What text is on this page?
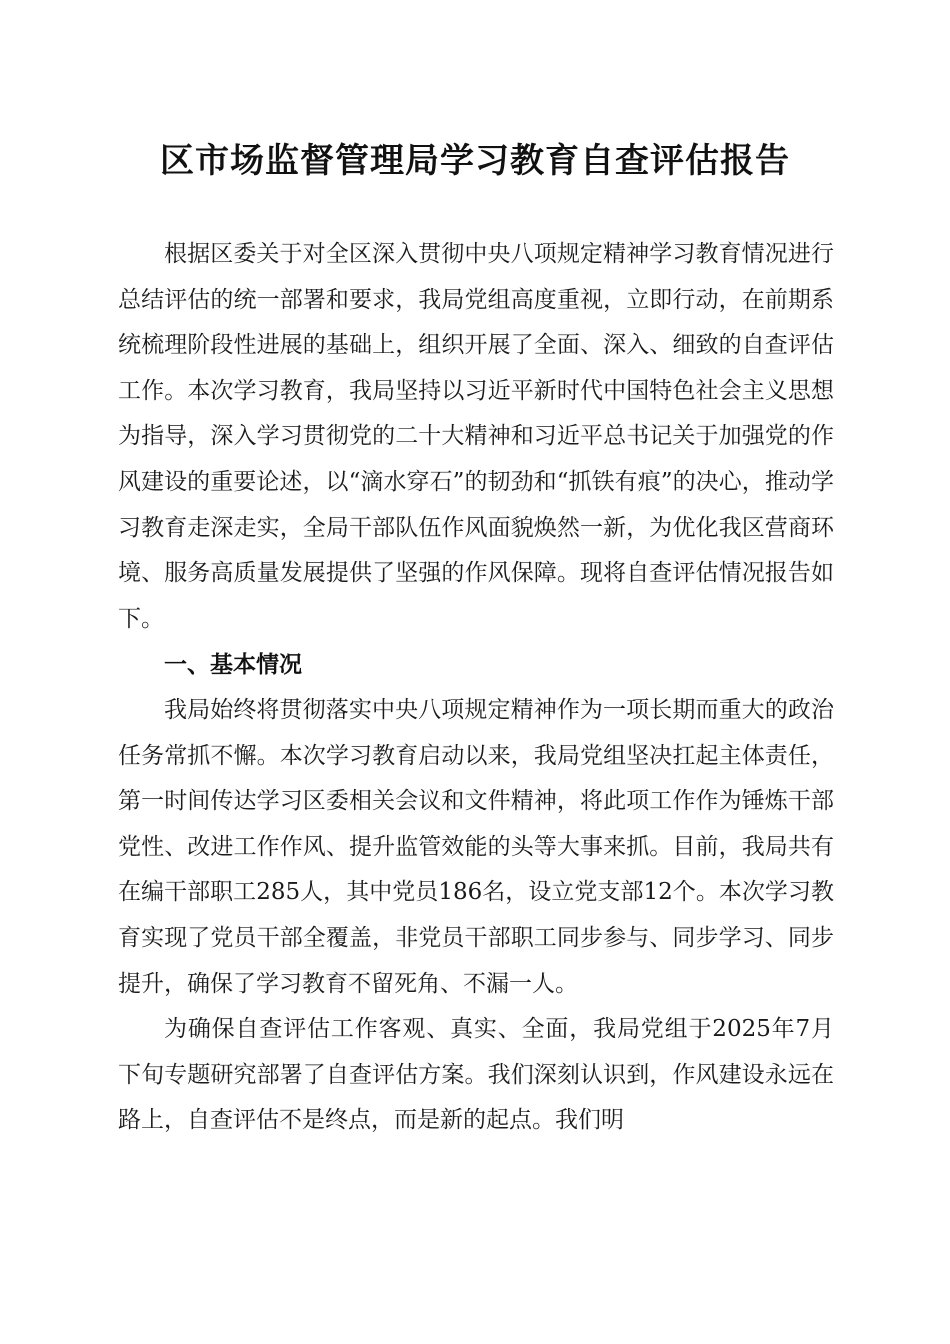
区市场监督管理局学习教育自查评估报告

根据区委关于对全区深入贯彻中央八项规定精神学习教育情况进行总结评估的统一部署和要求，我局党组高度重视，立即行动，在前期系统梳理阶段性进展的基础上，组织开展了全面、深入、细致的自查评估工作。本次学习教育，我局坚持以习近平新时代中国特色社会主义思想为指导，深入学习贯彻党的二十大精神和习近平总书记关于加强党的作风建设的重要论述，以“滴水穿石”的韧劲和“抓铁有痕”的决心，推动学习教育走深走实，全局干部队伍作风面貌焕然一新，为优化我区营商环境、服务高质量发展提供了坚强的作风保障。现将自查评估情况报告如下。

一、基本情况

我局始终将贯彻落实中央八项规定精神作为一项长期而重大的政治任务常抓不懈。本次学习教育启动以来，我局党组坚决扛起主体责任，第一时间传达学习区委相关会议和文件精神，将此项工作作为锤炼干部党性、改进工作作风、提升监管效能的头等大事来抓。目前，我局共有在编干部职工285人，其中党员186名，设立党支部12个。本次学习教育实现了党员干部全覆盖，非党员干部职工同步参与、同步学习、同步提升，确保了学习教育不留死角、不漏一人。

为确保自查评估工作客观、真实、全面，我局党组于2025年7月下旬专题研究部署了自查评估方案。我们深刻认识到，作风建设永远在路上，自查评估不是终点，而是新的起点。我们明
